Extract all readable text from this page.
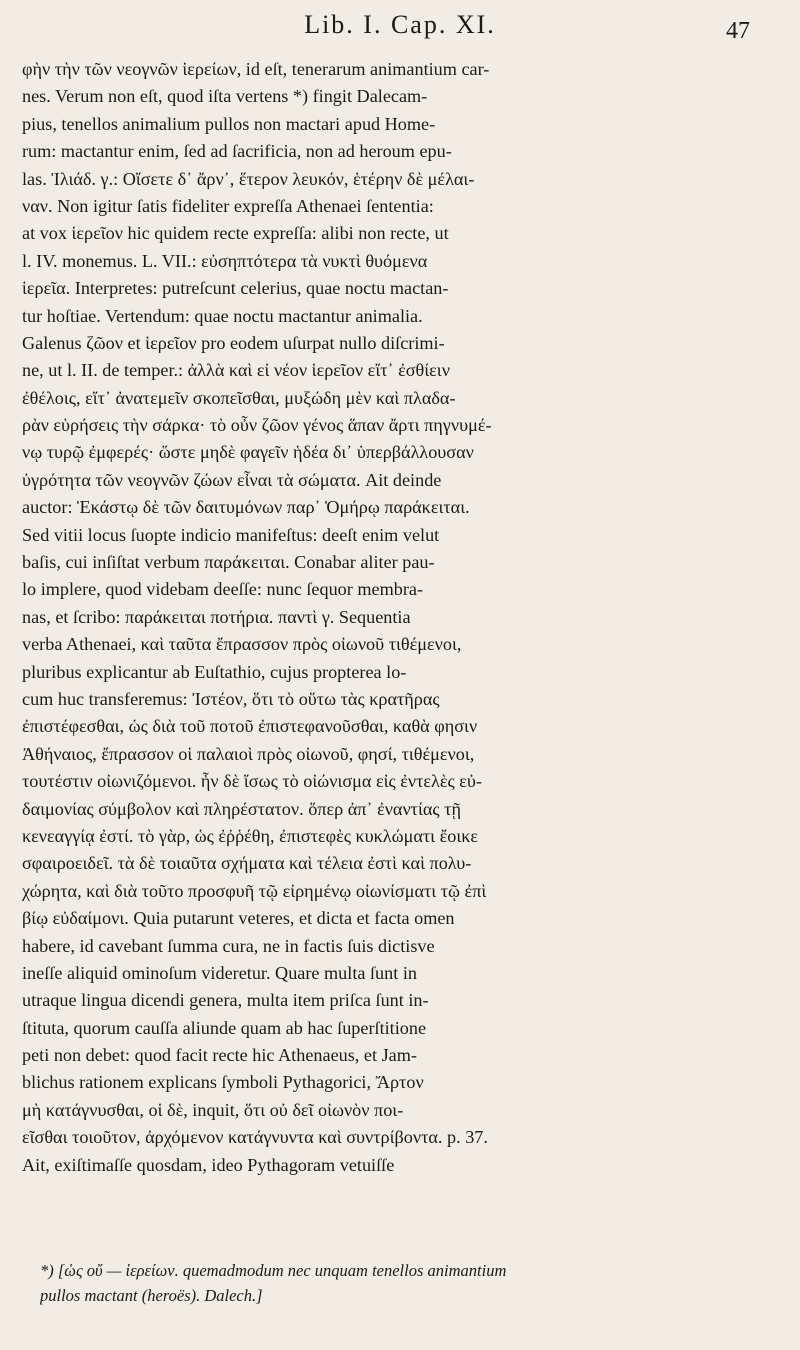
Lib. I. Cap. XI.	47
φὴν τὴν τῶν νεογνῶν ἱερείων, id eſt, tenerarum animantium car-
nes. Verum non eſt, quod iſta vertens *) fingit Dalecam-
pius, tenellos animalium pullos non mactari apud Home-
rum: mactantur enim, ſed ad ſacrificia, non ad heroum epu-
las. Ἰλιάδ. γ.: Οἴσετε δ᾽ ἄρν᾽, ἕτερον λευκόν, ἑτέρην δὲ μέλαι-
ναν. Non igitur ſatis fideliter expreſſa Athenaei ſententia:
at vox ἱερεῖον hic quidem recte expreſſa: alibi non recte, ut
l. IV. monemus. L. VII.: εὐσηπτότερα τὰ νυκτὶ θυόμενα
ἱερεῖα. Interpretes: putreſcunt celerius, quae noctu mactan-
tur hoſtiae. Vertendum: quae noctu mactantur animalia.
Galenus ζῶον et ἱερεῖον pro eodem uſurpat nullo diſcrimi-
ne, ut l. II. de temper.: ἀλλὰ καὶ εἰ νέον ἱερεῖον εἴτ᾽ ἐσθίειν
ἐθέλοις, εἴτ᾽ ἀνατεμεῖν σκοπεῖσθαι, μυξώδη μὲν καὶ πλαδα-
ρὰν εὑρήσεις τὴν σάρκα· τὸ οὖν ζῶον γένος ἅπαν ἄρτι πηγνυμέ-
νῳ τυρῷ ἐμφερές· ὥστε μηδὲ φαγεῖν ἡδέα δι᾽ ὑπερβάλλουσαν
ὑγρότητα τῶν νεογνῶν ζώων εἶναι τὰ σώματα. Ait deinde
auctor: Ἑκάστῳ δὲ τῶν δαιτυμόνων παρ᾽ Ὁμήρῳ παράκειται.
Sed vitii locus ſuopte indicio manifeſtus: deeſt enim velut
baſis, cui inſiſtat verbum παράκειται. Conabar aliter pau-
lo implere, quod videbam deeſſe: nunc ſequor membra-
nas, et ſcribo: παράκειται ποτήρια. παντὶ γ. Sequentia
verba Athenaei, καὶ ταῦτα ἔπρασσον πρὸς οἰωνοῦ τιθέμενοι,
pluribus explicantur ab Euſtathio, cujus propterea lo-
cum huc transferemus: Ἰστέον, ὅτι τὸ οὕτω τὰς κρατῆρας
ἐπιστέφεσθαι, ὡς διὰ τοῦ ποτοῦ ἐπιστεφανοῦσθαι, καθὰ φησιν
Ἀθήναιος, ἔπρασσον οἱ παλαιοὶ πρὸς οἰωνοῦ, φησί, τιθέμενοι,
τουτέστιν οἰωνιζόμενοι. ἦν δὲ ἴσως τὸ οἰώνισμα εἰς ἐντελὲς εὐ-
δαιμονίας σύμβολον καὶ πληρέστατον. ὅπερ ἀπ᾽ ἐναντίας τῇ
κενεαγγίᾳ ἐστί. τὸ γὰρ, ὡς ἐῤῥέθη, ἐπιστεφὲς κυκλώματι ἔοικε
σφαιροειδεῖ. τὰ δὲ τοιαῦτα σχήματα καὶ τέλεια ἐστὶ καὶ πολυ-
χώρητα, καὶ διὰ τοῦτο προσφυῆ τῷ εἰρημένῳ οἰωνίσματι τῷ ἐπὶ
βίῳ εὐδαίμονι. Quia putarunt veteres, et dicta et facta omen
habere, id cavebant ſumma cura, ne in factis ſuis dictisve
ineſſe aliquid ominoſum videretur. Quare multa ſunt in
utraque lingua dicendi genera, multa item priſca ſunt in-
ſtituta, quorum cauſſa aliunde quam ab hac ſuperſtitione
peti non debet: quod facit recte hic Athenaeus, et Jam-
blichus rationem explicans ſymboli Pythagorici, Ἄρτον
μὴ κατάγνυσθαι, οἱ δὲ, inquit, ὅτι οὐ δεῖ οἰωνὸν ποι-
εῖσθαι τοιοῦτον, ἀρχόμενον κατάγνυντα καὶ συντρίβοντα. p. 37.
Ait, exiſtimaſſe quosdam, ideo Pythagoram vetuiſſe
*) [ὡς οὔ — ἱερείων. quemadmodum nec unquam tenellos animantium
pullos mactant (heroës). Dalech.]
